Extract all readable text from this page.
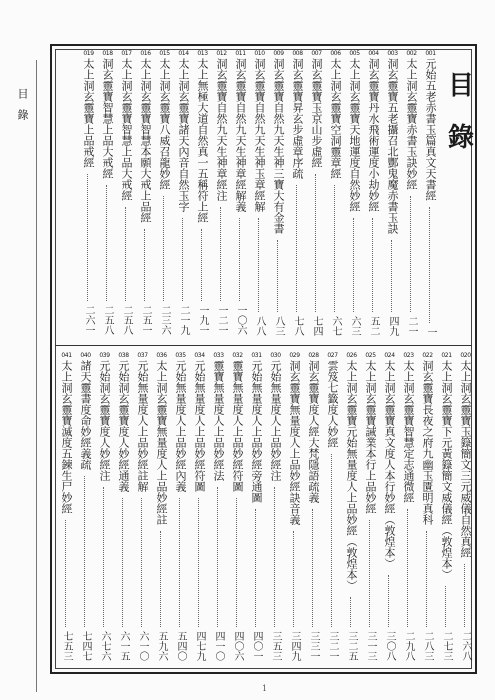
目錄
目錄
001
元始五老赤書玉篇真文天書經
一
002
太上洞玄靈寶赤書玉訣妙經
二一
003
洞玄靈寶五老攝召北酆鬼魔赤書玉訣
四九
004
洞玄靈寶丹水飛術運度小劫妙經
五二
005
太上洞玄靈寶天地運度自然妙經
六三
006
太上洞玄靈寶空洞靈章經
六七
007
洞玄靈寶玉京山步虛經
七四
008
洞玄靈寶昇玄步虛章序疏
七八
009
洞玄靈寶自然九天生神三寶大有金書
八三
010
洞玄靈寶自然九天生神玉章經解
八八
011
洞玄靈寶自然九天生神章經解義
一〇六
012
洞玄靈寶自然九天生神章經注
一二一
013
太上無極大道自然真一五稱符上經
一九一
014
太上洞玄靈寶諸天內音自然玉字
二一九
015
太上洞玄靈寶八威召龍妙經
二三六
016
太上洞玄靈寶智慧本願大戒上品經
二五一
017
太上洞玄靈寶智慧上品大戒經
二五八
018
洞玄靈寶智慧上品大戒經
二五八
019
太上洞玄靈寶上品戒經
二六一
020
太上洞玄靈寶玉籙簡文三元威儀自然真經
二六八
021
太上洞玄靈寶下元黃籙簡文威儀經（敦煌本）
二七三
022
洞玄靈寶長夜之府九幽玉匱明真科
二八三
023
太上洞玄靈寶智慧定志通微經
二九八
024
太上洞玄靈寶真文度人本行妙經（敦煌本）
三〇八
025
太上洞玄靈寶誡業本行上品妙經
三一三
026
太上洞玄靈寶元始無量度人上品妙經（敦煌本）
三二五
027
雲笈七籤度人妙經
三二一
028
洞玄靈寶度人經大梵隱語疏義
三三一
029
洞玄靈寶無量度人上品妙經訣音義
三四九
030
元始無量度人上品妙經注
三五三
031
元始無量度人上品妙經旁通圖
四〇一
032
靈寶無量度人上品妙經符圖
四〇六
033
靈寶無量度人上品妙經法
四一〇
034
元始無量度人上品妙經符圖
四七九
035
元始無量度人上品妙經內義
五四〇
036
太上洞玄靈寶無量度人上品妙經註
五九六
037
元始無量度人上品妙經註解
六一〇
038
元始洞玄靈寶度人妙經通義
六一五
039
元始洞玄靈寶度人妙經注
六七六
040
諸天靈書度命妙經義疏
七四七
041
太上洞玄靈寶滅度五鍊生尸妙經
七五三
1
